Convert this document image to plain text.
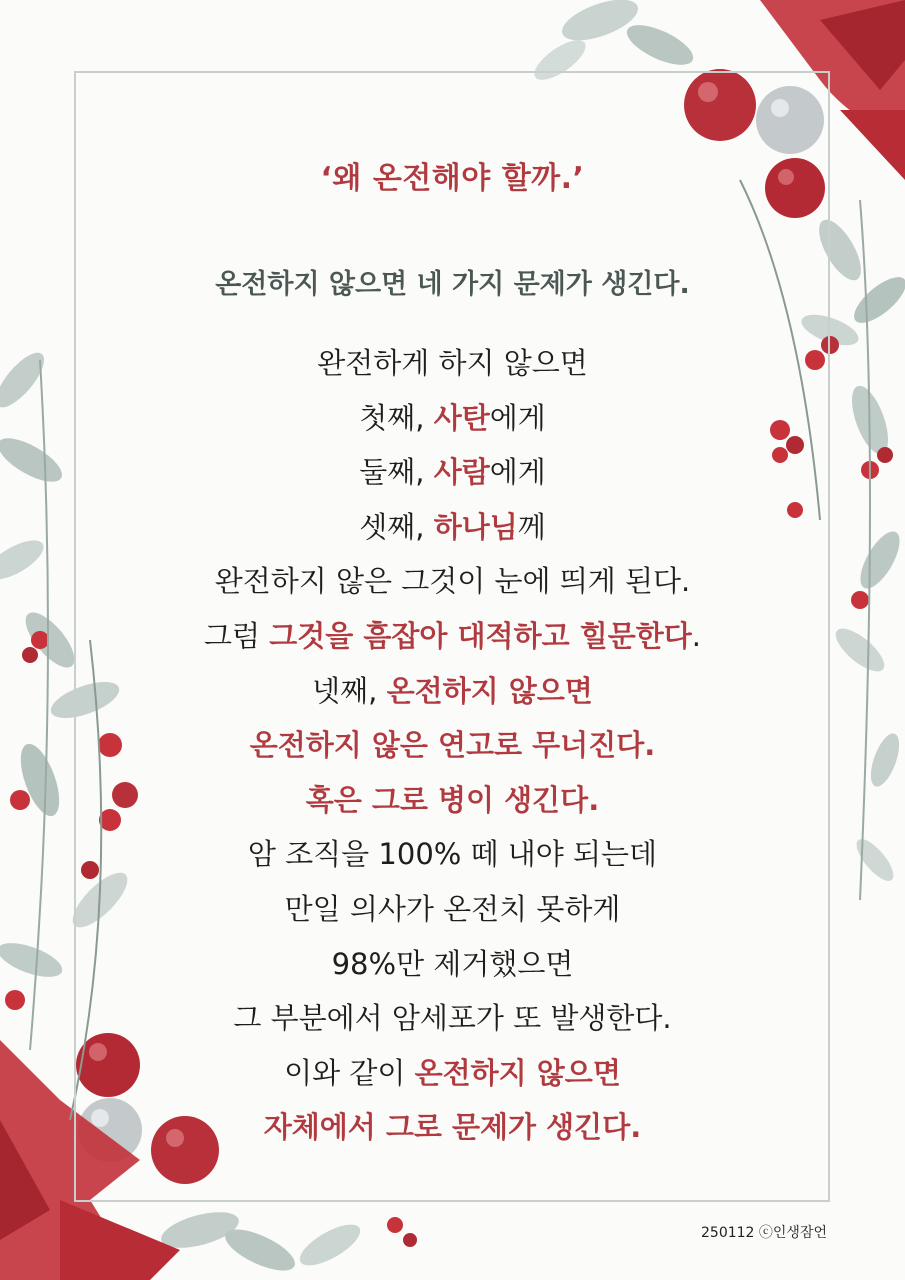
‘왜 온전해야 할까.’
온전하지 않으면 네 가지 문제가 생긴다.
완전하게 하지 않으면
첫째, 사탄에게
둘째, 사람에게
셋째, 하나님께
완전하지 않은 그것이 눈에 띄게 된다.
그럼 그것을 흠잡아 대적하고 힐문한다.
넷째, 온전하지 않으면
온전하지 않은 연고로 무너진다.
혹은 그로 병이 생긴다.
암 조직을 100% 떼 내야 되는데
만일 의사가 온전치 못하게
98%만 제거했으면
그 부분에서 암세포가 또 발생한다.
이와 같이 온전하지 않으면
자체에서 그로 문제가 생긴다.
250112 ⓒ인생잠언
